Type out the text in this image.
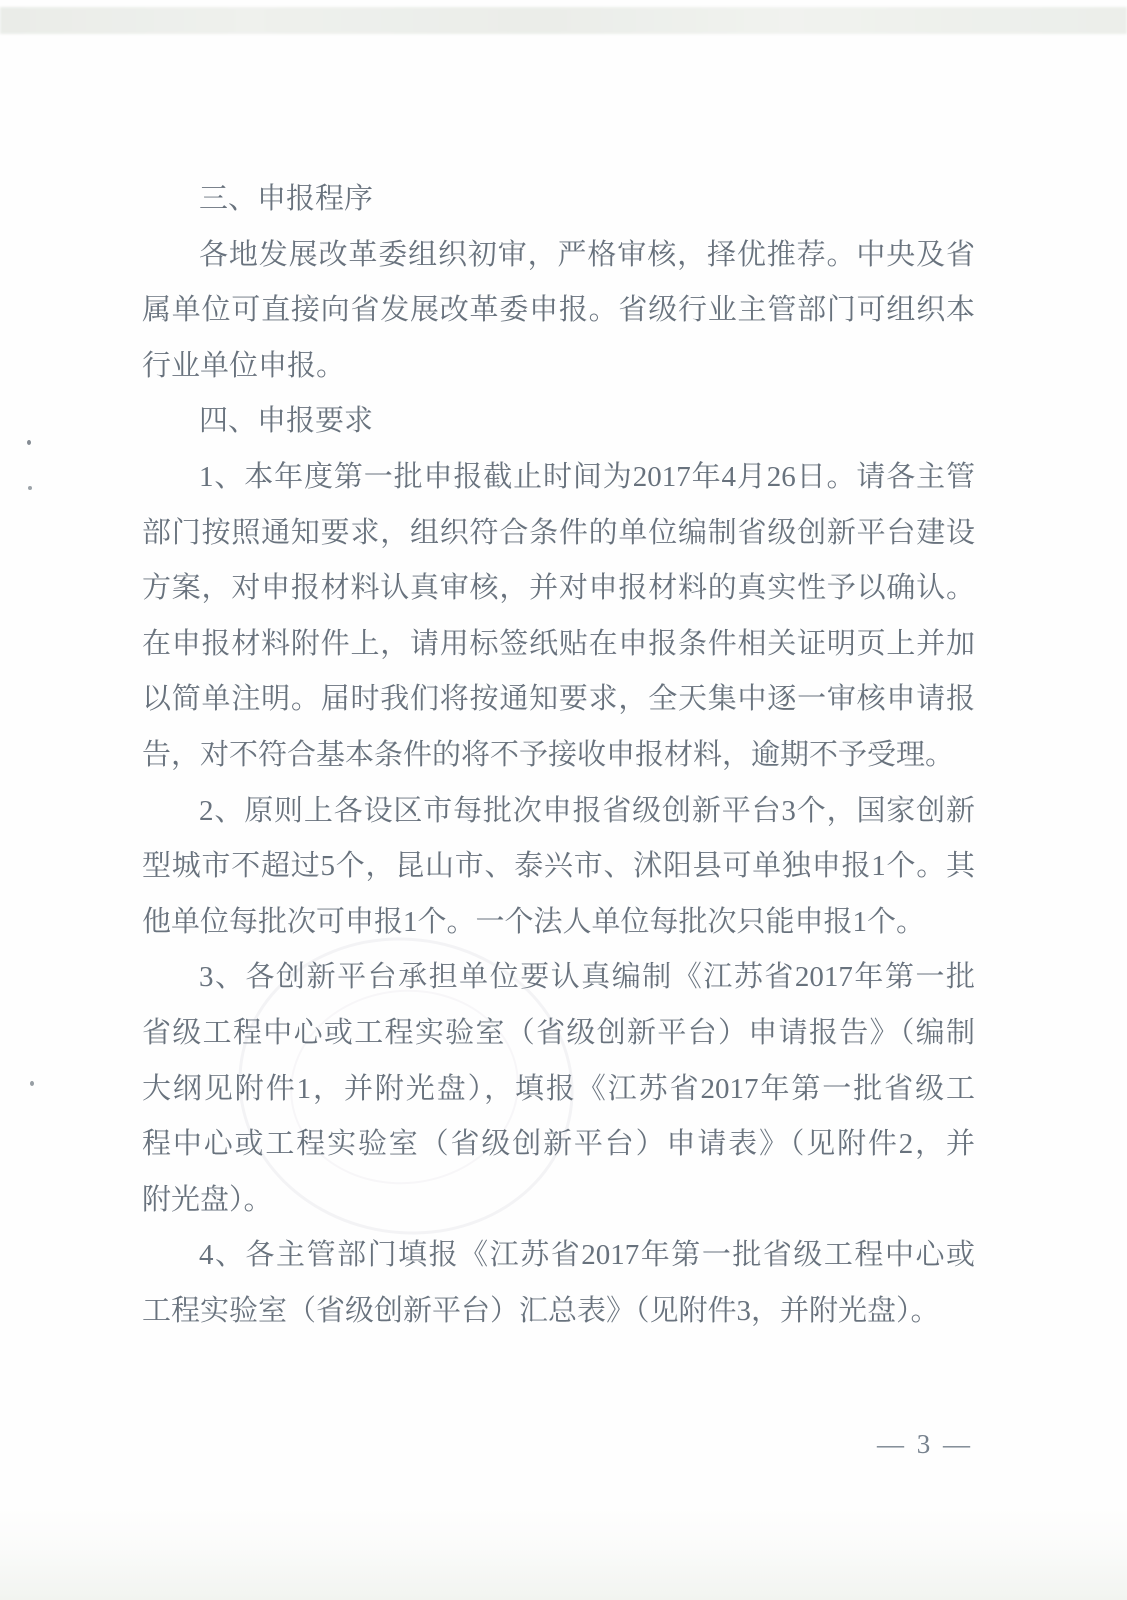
三、申报程序
各地发展改革委组织初审，严格审核，择优推荐。中央及省
属单位可直接向省发展改革委申报。省级行业主管部门可组织本
行业单位申报。
四、申报要求
1、本年度第一批申报截止时间为2017年4月26日。请各主管
部门按照通知要求，组织符合条件的单位编制省级创新平台建设
方案，对申报材料认真审核，并对申报材料的真实性予以确认。
在申报材料附件上，请用标签纸贴在申报条件相关证明页上并加
以简单注明。届时我们将按通知要求，全天集中逐一审核申请报
告，对不符合基本条件的将不予接收申报材料，逾期不予受理。
2、原则上各设区市每批次申报省级创新平台3个，国家创新
型城市不超过5个，昆山市、泰兴市、沭阳县可单独申报1个。其
他单位每批次可申报1个。一个法人单位每批次只能申报1个。
3、各创新平台承担单位要认真编制《江苏省2017年第一批
省级工程中心或工程实验室（省级创新平台）申请报告》（编制
大纲见附件1，并附光盘），填报《江苏省2017年第一批省级工
程中心或工程实验室（省级创新平台）申请表》（见附件2，并
附光盘）。
4、各主管部门填报《江苏省2017年第一批省级工程中心或
工程实验室（省级创新平台）汇总表》（见附件3，并附光盘）。
— 3 —
